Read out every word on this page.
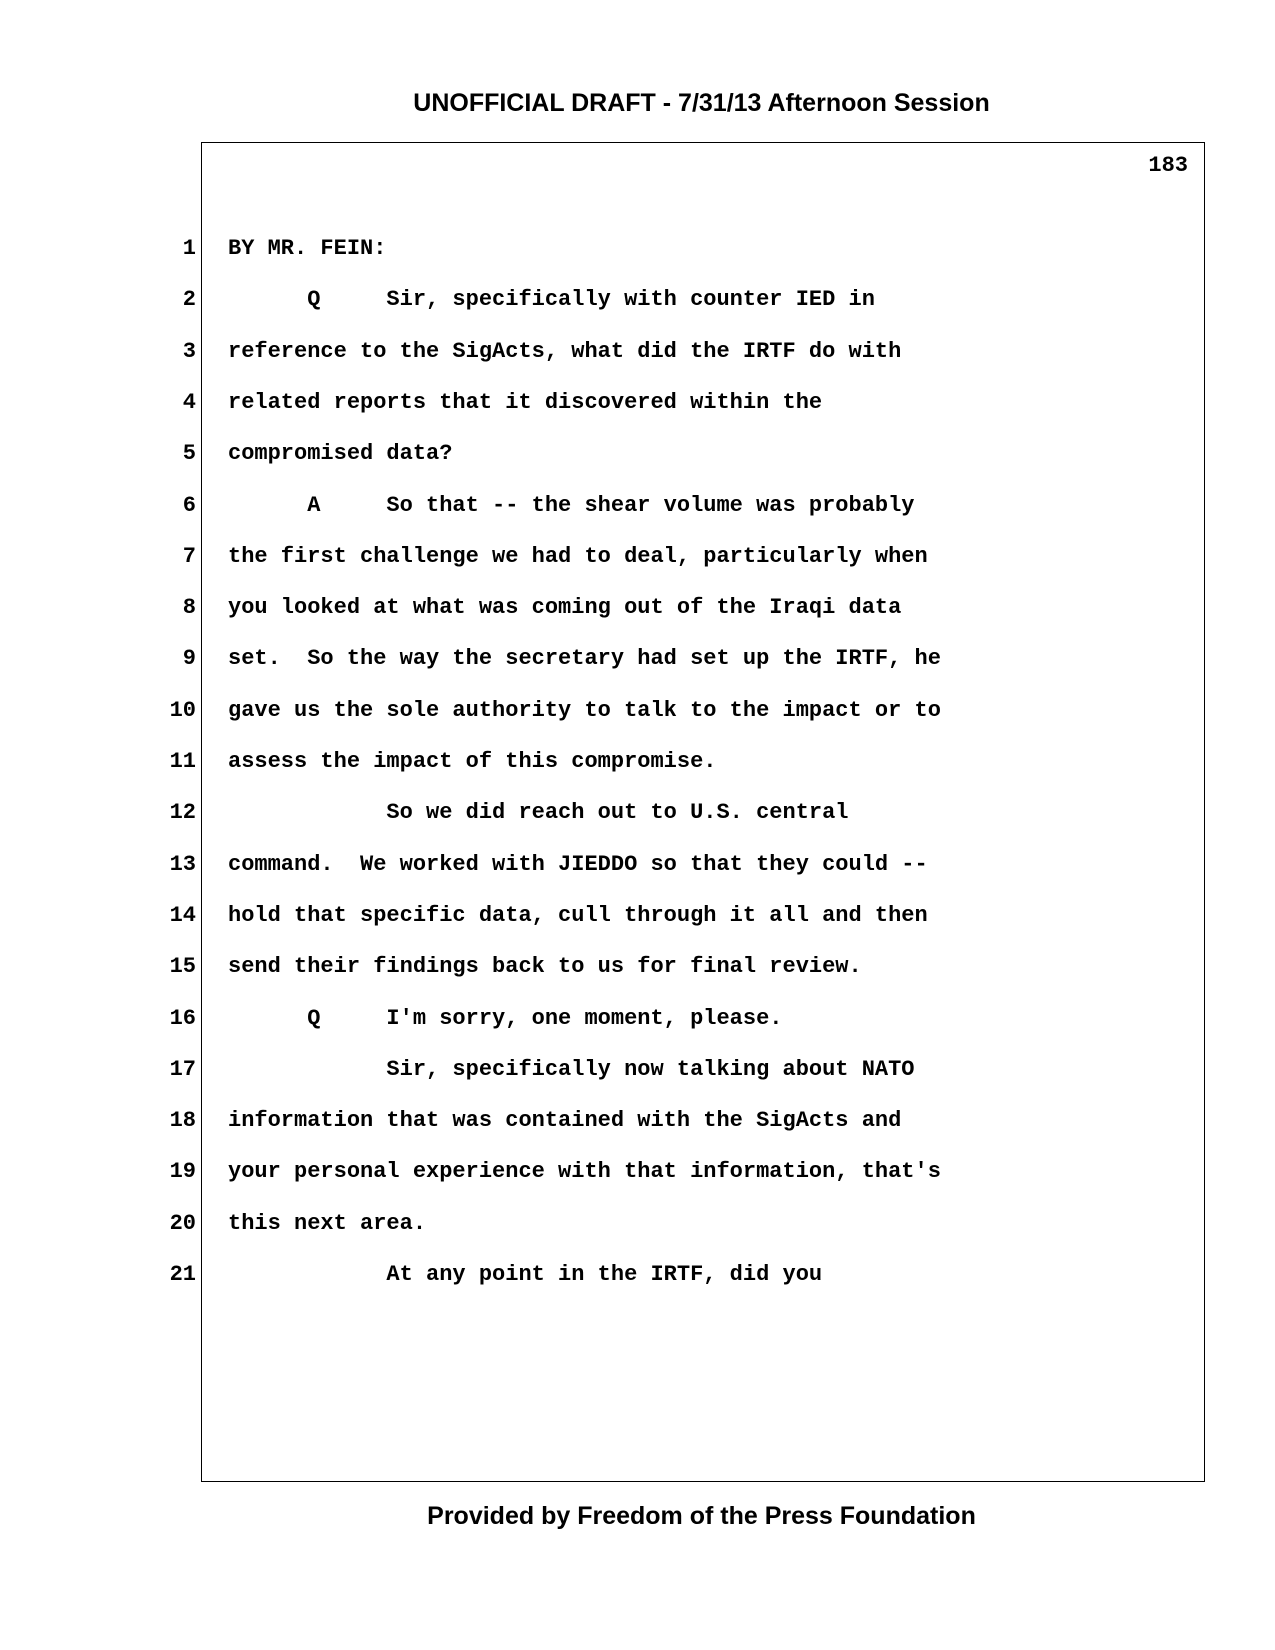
UNOFFICIAL DRAFT - 7/31/13 Afternoon Session
183
1 BY MR. FEIN:
2 Q     Sir, specifically with counter IED in
3 reference to the SigActs, what did the IRTF do with
4 related reports that it discovered within the
5 compromised data?
6 A     So that -- the shear volume was probably
7 the first challenge we had to deal, particularly when
8 you looked at what was coming out of the Iraqi data
9 set.  So the way the secretary had set up the IRTF, he
10 gave us the sole authority to talk to the impact or to
11 assess the impact of this compromise.
12 So we did reach out to U.S. central
13 command.  We worked with JIEDDO so that they could --
14 hold that specific data, cull through it all and then
15 send their findings back to us for final review.
16 Q     I'm sorry, one moment, please.
17 Sir, specifically now talking about NATO
18 information that was contained with the SigActs and
19 your personal experience with that information, that's
20 this next area.
21 At any point in the IRTF, did you
Provided by Freedom of the Press Foundation
